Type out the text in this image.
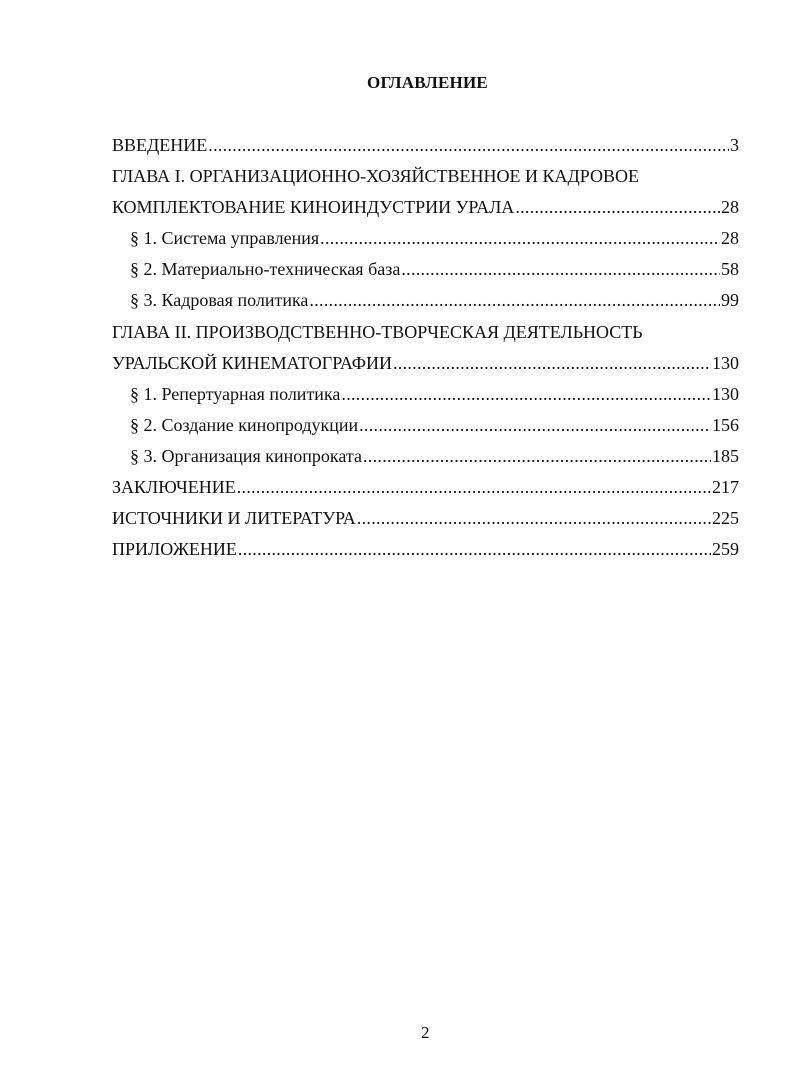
ОГЛАВЛЕНИЕ
ВВЕДЕНИЕ .....	3
ГЛАВА I. ОРГАНИЗАЦИОННО-ХОЗЯЙСТВЕННОЕ И КАДРОВОЕ
КОМПЛЕКТОВАНИЕ КИНОИНДУСТРИИ УРАЛА .....	28
§ 1. Система управления .....	28
§ 2. Материально-техническая база .....	58
§ 3. Кадровая политика .....	99
ГЛАВА II. ПРОИЗВОДСТВЕННО-ТВОРЧЕСКАЯ ДЕЯТЕЛЬНОСТЬ
УРАЛЬСКОЙ КИНЕМАТОГРАФИИ .....	130
§ 1. Репертуарная политика .....	130
§ 2. Создание кинопродукции .....	156
§ 3. Организация кинопроката .....	185
ЗАКЛЮЧЕНИЕ .....	217
ИСТОЧНИКИ И ЛИТЕРАТУРА .....	225
ПРИЛОЖЕНИЕ .....	259
2
